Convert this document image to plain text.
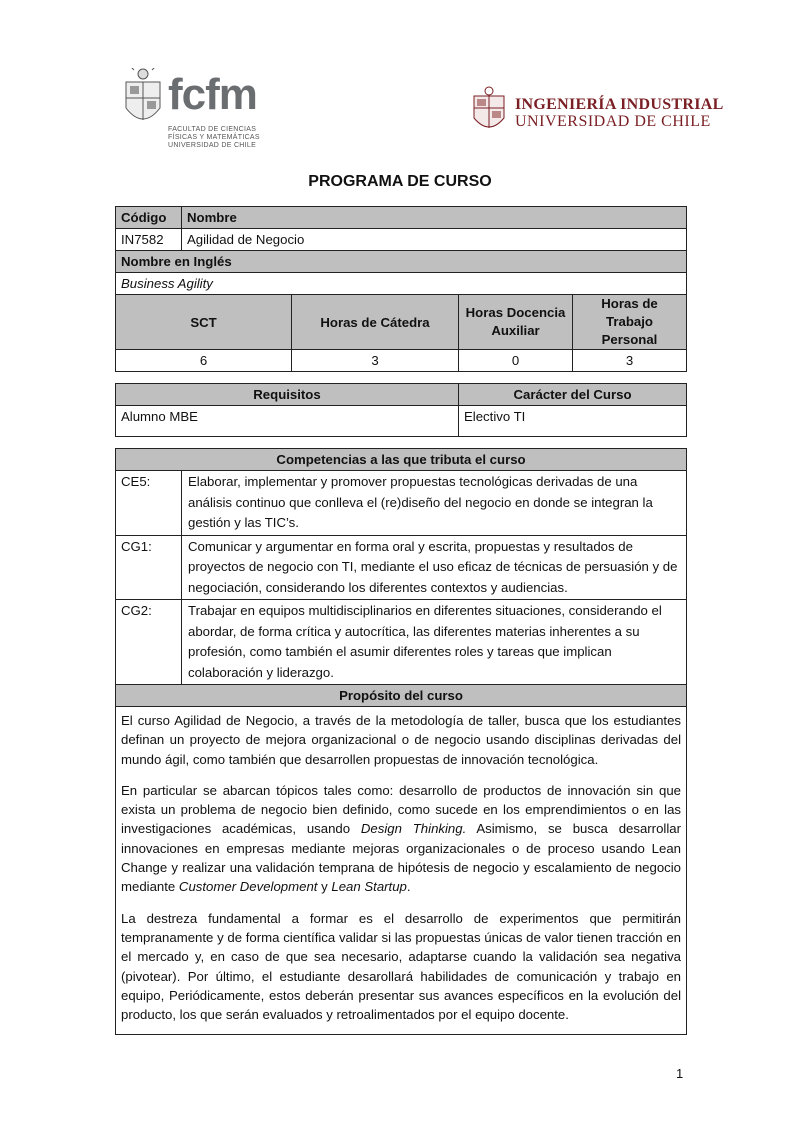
fcfm
FACULTAD DE CIENCIAS
FÍSICAS Y MATEMÁTICAS
UNIVERSIDAD DE CHILE
INGENIERÍA INDUSTRIAL
UNIVERSIDAD DE CHILE
PROGRAMA DE CURSO
Código	Nombre			
IN7582	Agilidad de Negocio			
Nombre en Inglés				
Business Agility				
SCT		Horas de Cátedra	Horas Docencia Auxiliar	Horas de Trabajo Personal
6		3	0	3

Requisitos			Carácter del Curso	
Alumno MBE			Electivo TI	

Competencias a las que tributa el curso				
CE5:	Elaborar, implementar y promover propuestas tecnológicas derivadas de una análisis continuo que conlleva el (re)diseño del negocio en donde se integran la gestión y las TIC’s.			
CG1:	Comunicar y argumentar en forma oral y escrita, propuestas y resultados de proyectos de negocio con TI, mediante el uso eficaz de técnicas de persuasión y de negociación, considerando los diferentes contextos y audiencias.			
CG2:	Trabajar en equipos multidisciplinarios en diferentes situaciones, considerando el abordar, de forma crítica y autocrítica, las diferentes materias inherentes a su profesión, como también el asumir diferentes roles y tareas que implican colaboración y liderazgo.			
Propósito del curso				

El curso Agilidad de Negocio, a través de la metodología de taller, busca que los estudiantes definan un proyecto de mejora organizacional o de negocio usando disciplinas derivadas del mundo ágil, como también que desarrollen propuestas de innovación tecnológica.

En particular se abarcan tópicos tales como: desarrollo de productos de innovación sin que exista un problema de negocio bien definido, como sucede en los emprendimientos o en las investigaciones académicas, usando Design Thinking. Asimismo, se busca desarrollar innovaciones en empresas mediante mejoras organizacionales o de proceso usando Lean Change y realizar una validación temprana de hipótesis de negocio y escalamiento de negocio mediante Customer Development y Lean Startup.

La destreza fundamental a formar es el desarrollo de experimentos que permitirán tempranamente y de forma científica validar si las propuestas únicas de valor tienen tracción en el mercado y, en caso de que sea necesario, adaptarse cuando la validación sea negativa (pivotear). Por último, el estudiante desarollará habilidades de comunicación y trabajo en equipo, Periódicamente, estos deberán presentar sus avances específicos en la evolución del producto, los que serán evaluados y retroalimentados por el equipo docente.				

1
